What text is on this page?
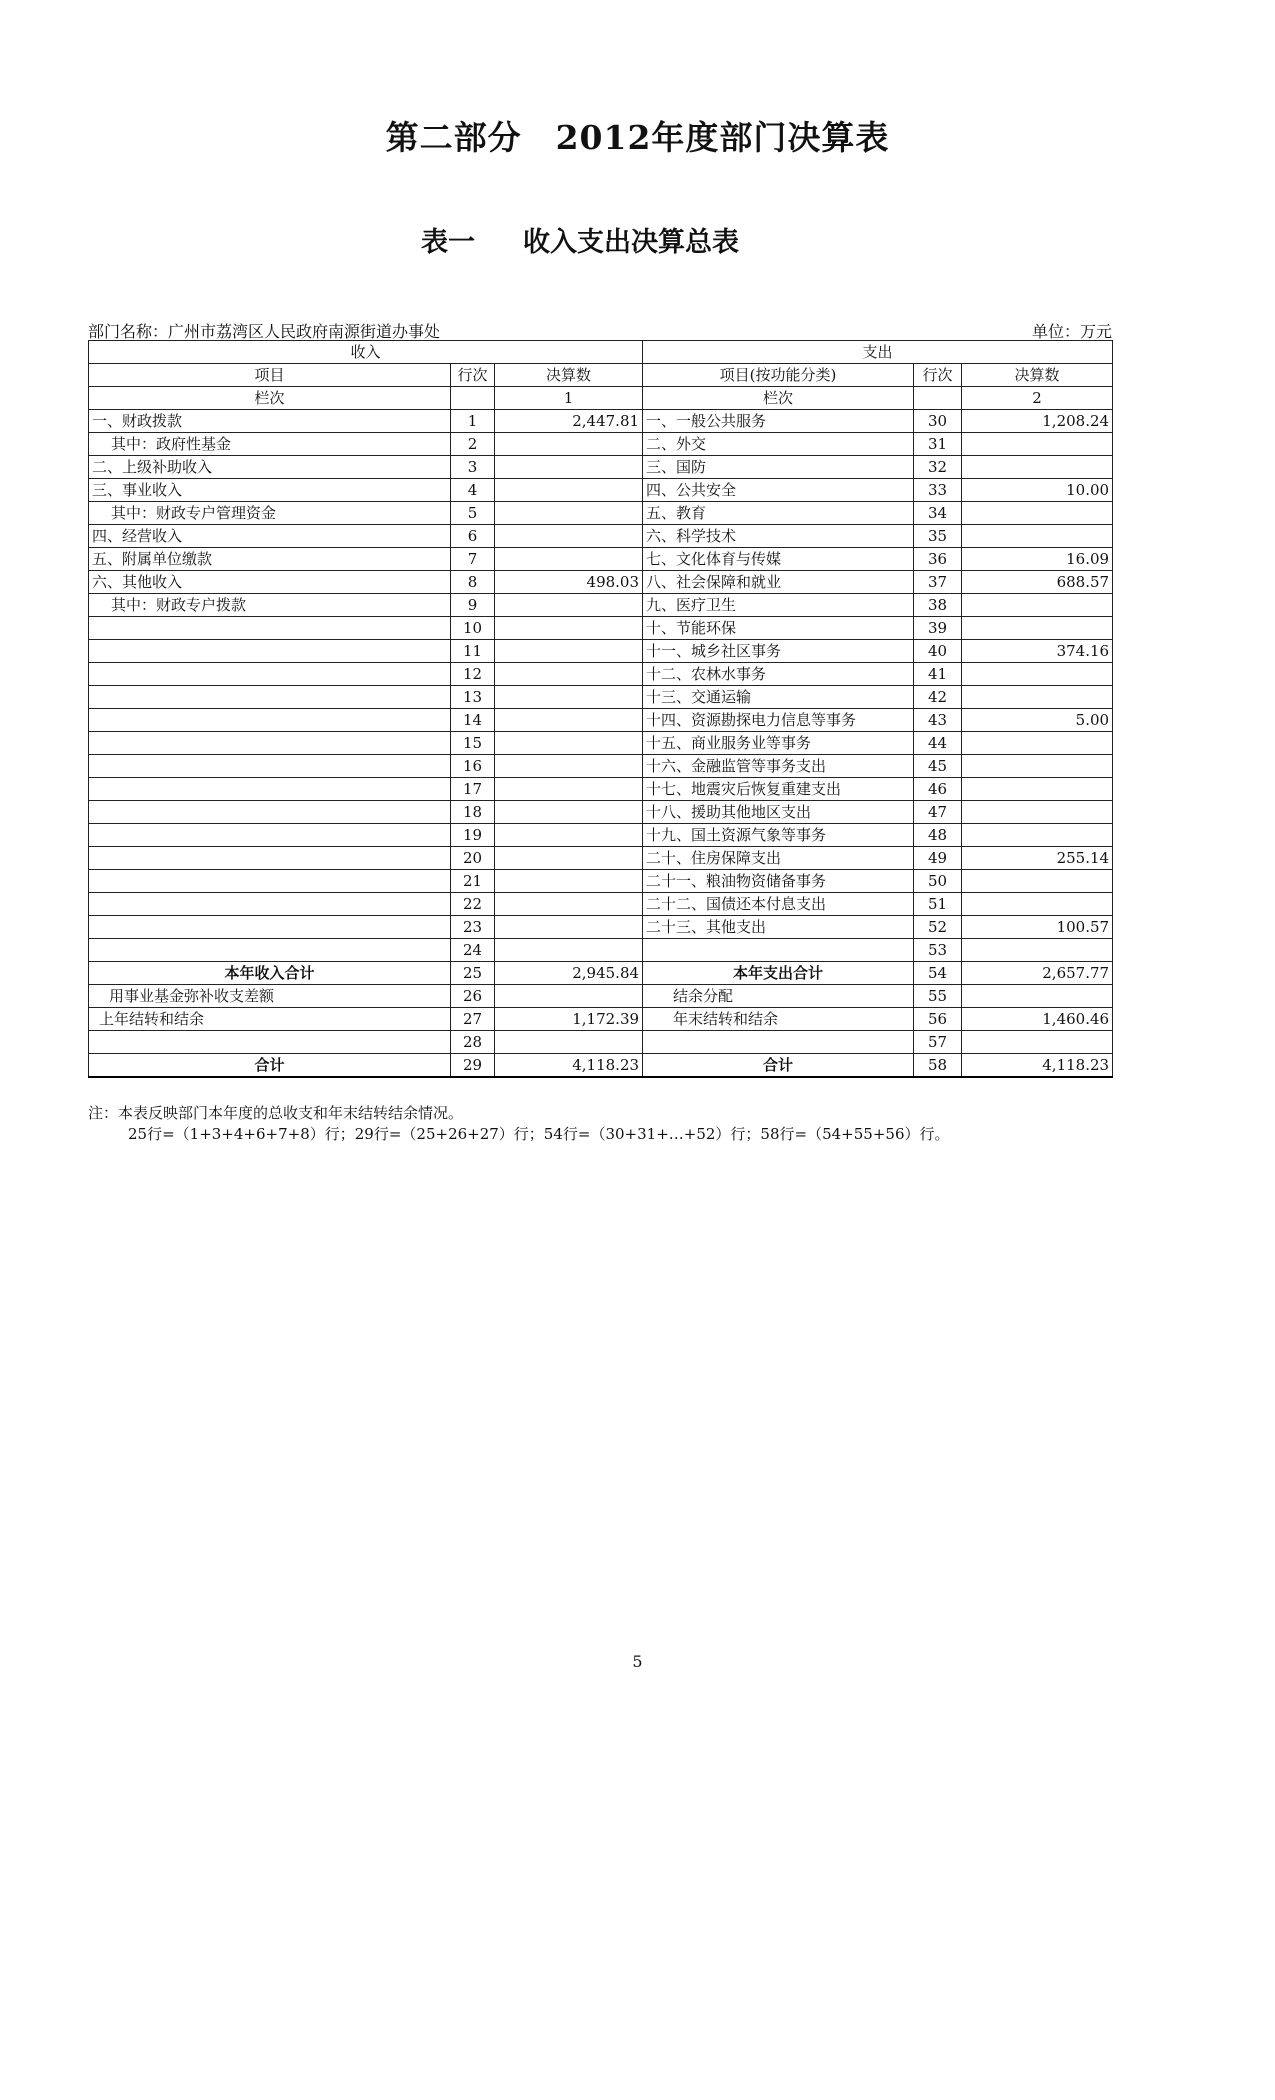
第二部分　2012年度部门决算表
表一 收入支出决算总表
部门名称：广州市荔湾区人民政府南源街道办事处	单位：万元
收入			支出		
项目	行次	决算数	项目(按功能分类)	行次	决算数
栏次		1	栏次		2
一、财政拨款	1	2,447.81	一、一般公共服务	30	1,208.24
其中：政府性基金	2		二、外交	31	
二、上级补助收入	3		三、国防	32	
三、事业收入	4		四、公共安全	33	10.00
其中：财政专户管理资金	5		五、教育	34	
四、经营收入	6		六、科学技术	35	
五、附属单位缴款	7		七、文化体育与传媒	36	16.09
六、其他收入	8	498.03	八、社会保障和就业	37	688.57
其中：财政专户拨款	9		九、医疗卫生	38	
	10		十、节能环保	39	
	11		十一、城乡社区事务	40	374.16
	12		十二、农林水事务	41	
	13		十三、交通运输	42	
	14		十四、资源勘探电力信息等事务	43	5.00
	15		十五、商业服务业等事务	44	
	16		十六、金融监管等事务支出	45	
	17		十七、地震灾后恢复重建支出	46	
	18		十八、援助其他地区支出	47	
	19		十九、国土资源气象等事务	48	
	20		二十、住房保障支出	49	255.14
	21		二十一、粮油物资储备事务	50	
	22		二十二、国债还本付息支出	51	
	23		二十三、其他支出	52	100.57
	24			53	
本年收入合计	25	2,945.84	本年支出合计	54	2,657.77
用事业基金弥补收支差额	26		结余分配	55	
上年结转和结余	27	1,172.39	年末结转和结余	56	1,460.46
	28			57	
合计	29	4,118.23	合计	58	4,118.23
注：本表反映部门本年度的总收支和年末结转结余情况。
25行=（1+3+4+6+7+8）行；29行=（25+26+27）行；54行=（30+31+…+52）行；58行=（54+55+56）行。
5
